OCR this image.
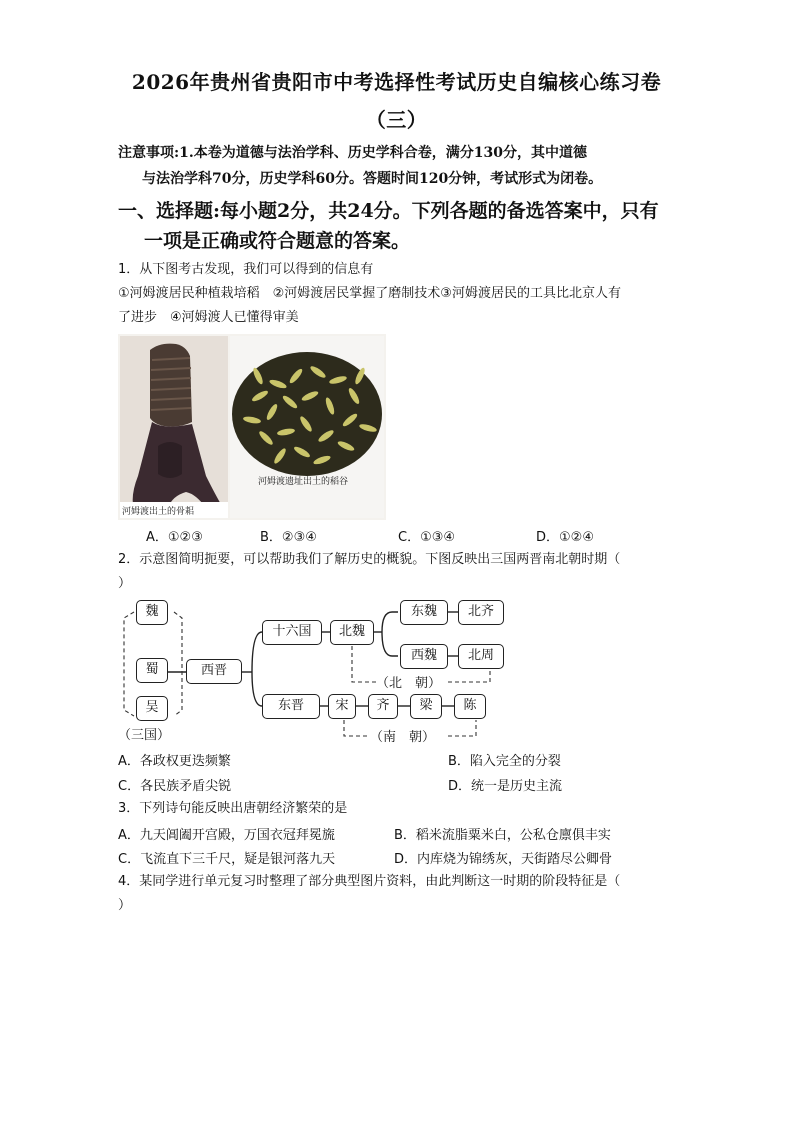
2026年贵州省贵阳市中考选择性考试历史自编核心练习卷
（三）
注意事项:1.本卷为道德与法治学科、历史学科合卷，满分130分，其中道德
与法治学科70分，历史学科60分。答题时间120分钟，考试形式为闭卷。
一、选择题:每小题2分，共24分。下列各题的备选答案中，只有
一项是正确或符合题意的答案。
1．从下图考古发现，我们可以得到的信息有
①河姆渡居民种植栽培稻　②河姆渡居民掌握了磨制技术③河姆渡居民的工具比北京人有
了进步　④河姆渡人已懂得审美
河姆渡遗址出土的稻谷
河姆渡出土的骨耜
A．①②③	B．②③④	C．①③④	D．①②④
2．示意图简明扼要，可以帮助我们了解历史的概貌。下图反映出三国两晋南北朝时期（
）
魏
蜀
吴
（三国）
西晋
十六国	北魏
东魏	北齐
西魏	北周
（北　朝）
东晋	宋	齐	梁	陈
（南　朝）
A．各政权更迭频繁	B．陷入完全的分裂
C．各民族矛盾尖锐	D．统一是历史主流
3．下列诗句能反映出唐朝经济繁荣的是
A．九天阊阖开宫殿，万国衣冠拜冕旒	B．稻米流脂粟米白，公私仓廪俱丰实
C．飞流直下三千尺，疑是银河落九天	D．内库烧为锦绣灰，天街踏尽公卿骨
4．某同学进行单元复习时整理了部分典型图片资料，由此判断这一时期的阶段特征是（
）
